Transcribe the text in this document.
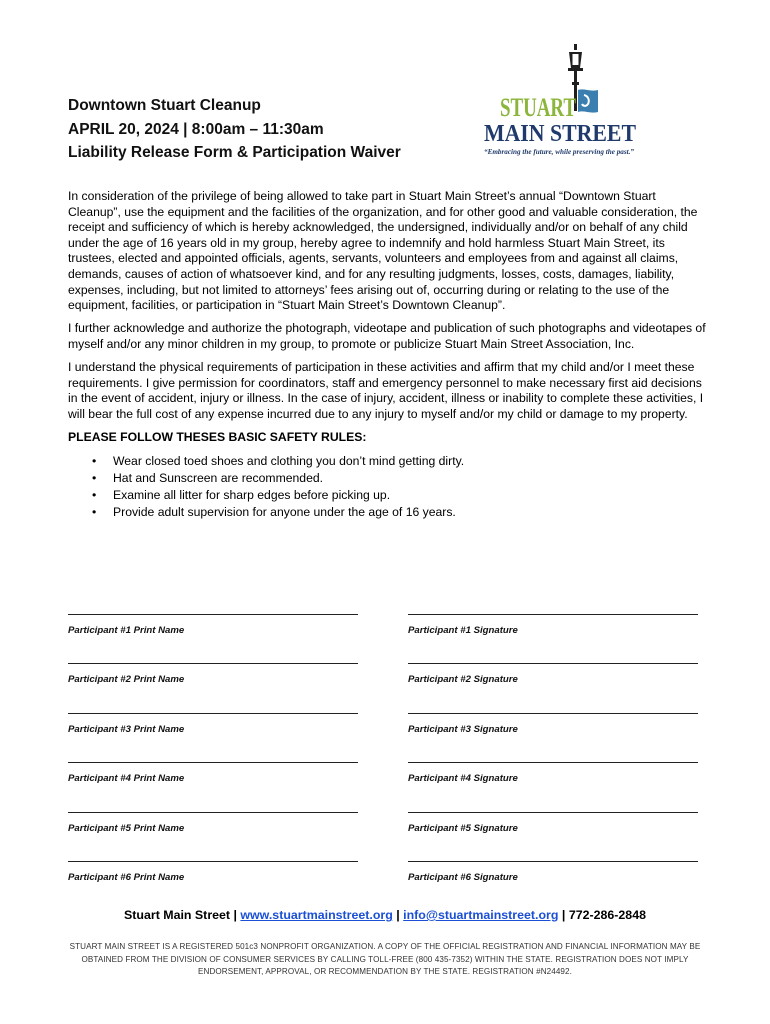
Downtown Stuart Cleanup
APRIL 20, 2024 | 8:00am – 11:30am
Liability Release Form & Participation Waiver
STUART
MAIN STREET
“Embracing the future, while preserving the past.”

In consideration of the privilege of being allowed to take part in Stuart Main Street’s annual “Downtown Stuart Cleanup”, use the equipment and the facilities of the organization, and for other good and valuable consideration, the receipt and sufficiency of which is hereby acknowledged, the undersigned, individually and/or on behalf of any child under the age of 16 years old in my group, hereby agree to indemnify and hold harmless Stuart Main Street, its trustees, elected and appointed officials, agents, servants, volunteers and employees from and against all claims, demands, causes of action of whatsoever kind, and for any resulting judgments, losses, costs, damages, liability, expenses, including, but not limited to attorneys’ fees arising out of, occurring during or relating to the use of the equipment, facilities, or participation in “Stuart Main Street’s Downtown Cleanup”.

I further acknowledge and authorize the photograph, videotape and publication of such photographs and videotapes of myself and/or any minor children in my group, to promote or publicize Stuart Main Street Association, Inc.

I understand the physical requirements of participation in these activities and affirm that my child and/or I meet these requirements. I give permission for coordinators, staff and emergency personnel to make necessary first aid decisions in the event of accident, injury or illness. In the case of injury, accident, illness or inability to complete these activities, I will bear the full cost of any expense incurred due to any injury to myself and/or my child or damage to my property.

PLEASE FOLLOW THESES BASIC SAFETY RULES:
• Wear closed toed shoes and clothing you don’t mind getting dirty.
• Hat and Sunscreen are recommended.
• Examine all litter for sharp edges before picking up.
• Provide adult supervision for anyone under the age of 16 years.
Participant #1 Print Name	Participant #1 Signature
Participant #2 Print Name	Participant #2 Signature
Participant #3 Print Name	Participant #3 Signature
Participant #4 Print Name	Participant #4 Signature
Participant #5 Print Name	Participant #5 Signature
Participant #6 Print Name	Participant #6 Signature
Stuart Main Street | www.stuartmainstreet.org | info@stuartmainstreet.org | 772-286-2848
STUART MAIN STREET IS A REGISTERED 501c3 NONPROFIT ORGANIZATION. A COPY OF THE OFFICIAL REGISTRATION AND FINANCIAL INFORMATION MAY BE OBTAINED FROM THE DIVISION OF CONSUMER SERVICES BY CALLING TOLL-FREE (800 435-7352) WITHIN THE STATE. REGISTRATION DOES NOT IMPLY ENDORSEMENT, APPROVAL, OR RECOMMENDATION BY THE STATE. REGISTRATION #N24492.
